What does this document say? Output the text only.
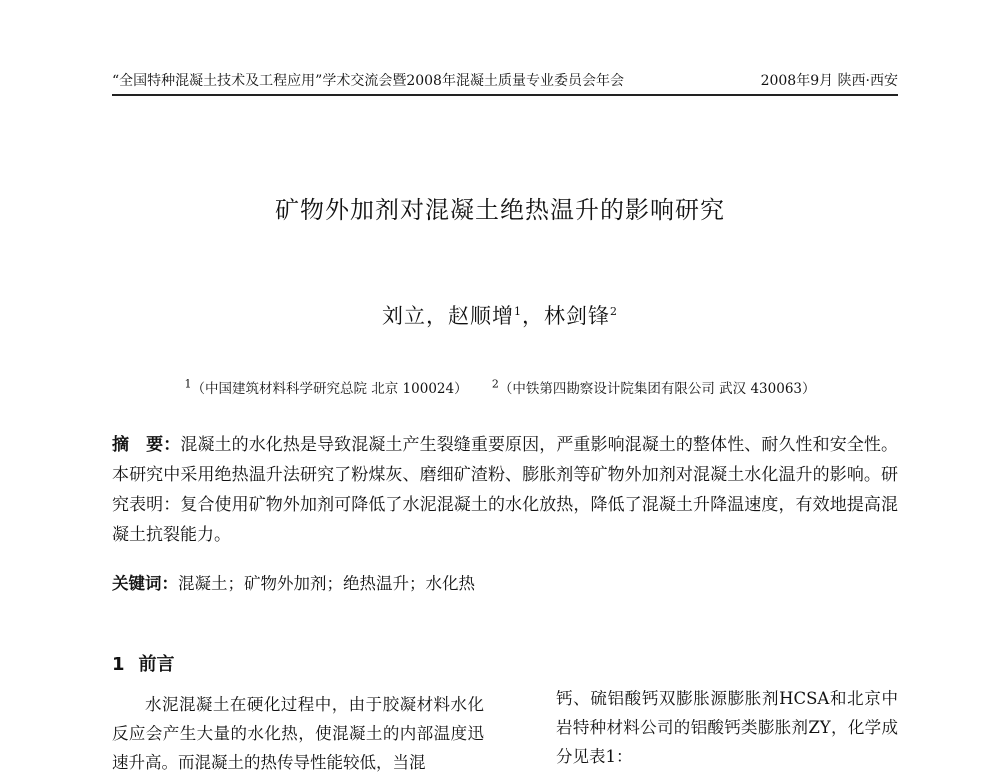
“全国特种混凝土技术及工程应用”学术交流会暨2008年混凝土质量专业委员会年会	2008年9月 陕西·西安
矿物外加剂对混凝土绝热温升的影响研究
刘立，赵顺增$^1$，林剑锋$^2$
$^1$（中国建筑材料科学研究总院 北京 100024） $^2$（中铁第四勘察设计院集团有限公司 武汉 430063）
摘　要：混凝土的水化热是导致混凝土产生裂缝重要原因，严重影响混凝土的整体性、耐久性和安全性。本研究中采用绝热温升法研究了粉煤灰、磨细矿渣粉、膨胀剂等矿物外加剂对混凝土水化温升的影响。研究表明：复合使用矿物外加剂可降低了水泥混凝土的水化放热，降低了混凝土升降温速度，有效地提高混凝土抗裂能力。
关键词：混凝土；矿物外加剂；绝热温升；水化热
1 前言
水泥混凝土在硬化过程中，由于胶凝材料水化反应会产生大量的水化热，使混凝土的内部温度迅速升高。而混凝土的热传导性能较低，当混
钙、硫铝酸钙双膨胀源膨胀剂HCSA和北京中岩特种材料公司的铝酸钙类膨胀剂ZY，化学成分见表1：
